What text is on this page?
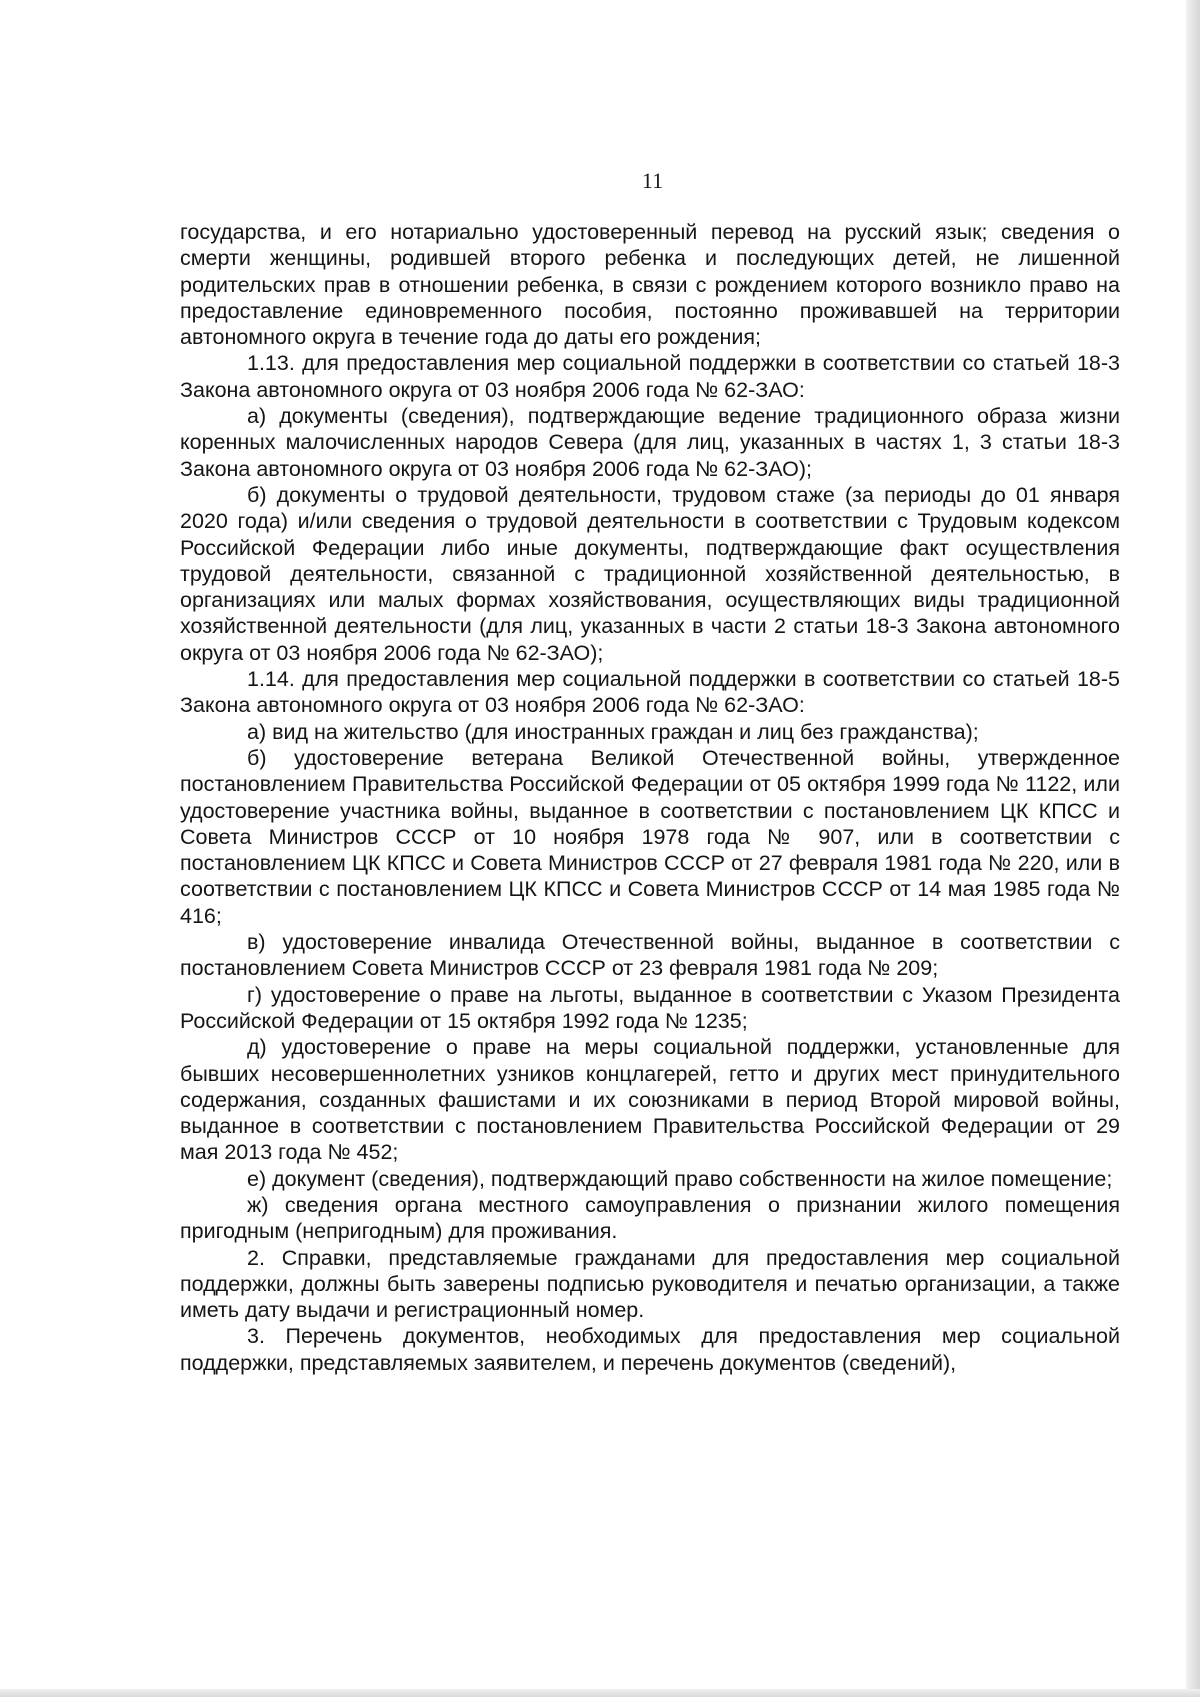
11

государства, и его нотариально удостоверенный перевод на русский язык; сведения о смерти женщины, родившей второго ребенка и последующих детей, не лишенной родительских прав в отношении ребенка, в связи с рождением которого возникло право на предоставление единовременного пособия, постоянно проживавшей на территории автономного округа в течение года до даты его рождения;

1.13. для предоставления мер социальной поддержки в соответствии со статьей 18-3 Закона автономного округа от 03 ноября 2006 года № 62-ЗАО:

а) документы (сведения), подтверждающие ведение традиционного образа жизни коренных малочисленных народов Севера (для лиц, указанных в частях 1, 3 статьи 18-3 Закона автономного округа от 03 ноября 2006 года № 62-ЗАО);

б) документы о трудовой деятельности, трудовом стаже (за периоды до 01 января 2020 года) и/или сведения о трудовой деятельности в соответствии с Трудовым кодексом Российской Федерации либо иные документы, подтверждающие факт осуществления трудовой деятельности, связанной с традиционной хозяйственной деятельностью, в организациях или малых формах хозяйствования, осуществляющих виды традиционной хозяйственной деятельности (для лиц, указанных в части 2 статьи 18-3 Закона автономного округа от 03 ноября 2006 года № 62-ЗАО);

1.14. для предоставления мер социальной поддержки в соответствии со статьей 18-5 Закона автономного округа от 03 ноября 2006 года № 62-ЗАО:

а) вид на жительство (для иностранных граждан и лиц без гражданства);

б) удостоверение ветерана Великой Отечественной войны, утвержденное постановлением Правительства Российской Федерации от 05 октября 1999 года № 1122, или удостоверение участника войны, выданное в соответствии с постановлением ЦК КПСС и Совета Министров СССР от 10 ноября 1978 года № 907, или в соответствии с постановлением ЦК КПСС и Совета Министров СССР от 27 февраля 1981 года № 220, или в соответствии с постановлением ЦК КПСС и Совета Министров СССР от 14 мая 1985 года № 416;

в) удостоверение инвалида Отечественной войны, выданное в соответствии с постановлением Совета Министров СССР от 23 февраля 1981 года № 209;

г) удостоверение о праве на льготы, выданное в соответствии с Указом Президента Российской Федерации от 15 октября 1992 года № 1235;

д) удостоверение о праве на меры социальной поддержки, установленные для бывших несовершеннолетних узников концлагерей, гетто и других мест принудительного содержания, созданных фашистами и их союзниками в период Второй мировой войны, выданное в соответствии с постановлением Правительства Российской Федерации от 29 мая 2013 года № 452;

е) документ (сведения), подтверждающий право собственности на жилое помещение;

ж) сведения органа местного самоуправления о признании жилого помещения пригодным (непригодным) для проживания.

2. Справки, представляемые гражданами для предоставления мер социальной поддержки, должны быть заверены подписью руководителя и печатью организации, а также иметь дату выдачи и регистрационный номер.

3. Перечень документов, необходимых для предоставления мер социальной поддержки, представляемых заявителем, и перечень документов (сведений),
